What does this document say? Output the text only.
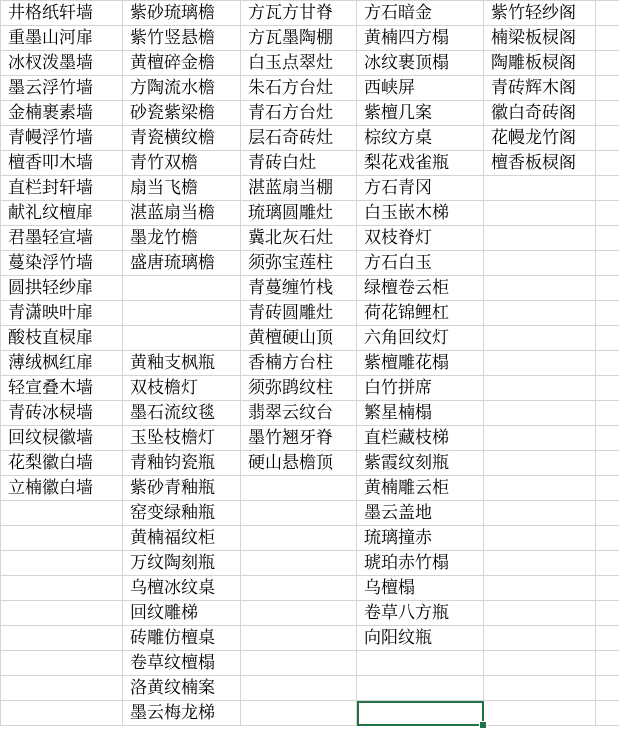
井格纸轩墙	紫砂琉璃檐	方瓦方甘脊	方石暗金	紫竹轻纱阁	
重墨山河扉	紫竹竖悬檐	方瓦墨陶棚	黄楠四方榻	楠梁板棂阁	
冰杈泼墨墙	黄檀碎金檐	白玉点翠灶	冰纹裹顶榻	陶雕板棂阁	
墨云浮竹墙	方陶流水檐	朱石方台灶	西峡屏	青砖辉木阁	
金楠裹素墙	砂瓷紫梁檐	青石方台灶	紫檀几案	徽白奇砖阁	
青幔浮竹墙	青瓷横纹檐	层石奇砖灶	棕纹方桌	花幔龙竹阁	
檀香叩木墙	青竹双檐	青砖白灶	梨花戏雀瓶	檀香板棂阁	
直栏封轩墙	扇当飞檐	湛蓝扇当棚	方石青冈		
献礼纹檀扉	湛蓝扇当檐	琉璃圆雕灶	白玉嵌木梯		
君墨轻宣墙	墨龙竹檐	冀北灰石灶	双枝脊灯		
蔓染浮竹墙	盛唐琉璃檐	须弥宝莲柱	方石白玉		
圆拱轻纱扉		青蔓缠竹栈	绿檀卷云柜		
青潇映叶扉		青砖圆雕灶	荷花锦鲤杠		
酸枝直棂扉		黄檀硬山顶	六角回纹灯		
薄绒枫红扉	黄釉支枫瓶	香楠方台柱	紫檀雕花榻		
轻宣叠木墙	双枝檐灯	须弥鹍纹柱	白竹拼席		
青砖冰棂墙	墨石流纹毯	翡翠云纹台	繁星楠榻		
回纹棂徽墙	玉坠枝檐灯	墨竹翘牙脊	直栏藏枝梯		
花梨徽白墙	青釉钧瓷瓶	硬山悬檐顶	紫霞纹刻瓶		
立楠徽白墙	紫砂青釉瓶		黄楠雕云柜		
	窑变绿釉瓶		墨云盖地		
	黄楠福纹柜		琉璃撞赤		
	万纹陶刻瓶		琥珀赤竹榻		
	乌檀冰纹桌		乌檀榻		
	回纹雕梯		卷草八方瓶		
	砖雕仿檀桌		向阳纹瓶		
	卷草纹檀榻				
	洛黄纹楠案				
	墨云梅龙梯				
